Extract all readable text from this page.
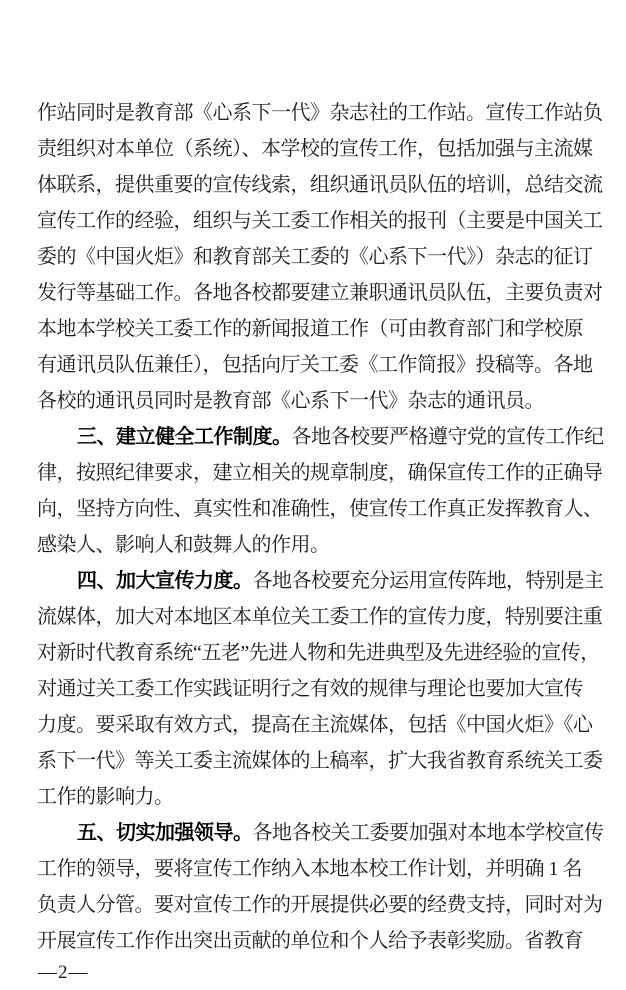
作站同时是教育部《心系下一代》杂志社的工作站。宣传工作站负
责组织对本单位（系统）、本学校的宣传工作，包括加强与主流媒
体联系，提供重要的宣传线索，组织通讯员队伍的培训，总结交流
宣传工作的经验，组织与关工委工作相关的报刊（主要是中国关工
委的《中国火炬》和教育部关工委的《心系下一代》）杂志的征订
发行等基础工作。各地各校都要建立兼职通讯员队伍，主要负责对
本地本学校关工委工作的新闻报道工作（可由教育部门和学校原
有通讯员队伍兼任），包括向厅关工委《工作简报》投稿等。各地
各校的通讯员同时是教育部《心系下一代》杂志的通讯员。
三、建立健全工作制度。各地各校要严格遵守党的宣传工作纪
律，按照纪律要求，建立相关的规章制度，确保宣传工作的正确导
向，坚持方向性、真实性和准确性，使宣传工作真正发挥教育人、
感染人、影响人和鼓舞人的作用。
四、加大宣传力度。各地各校要充分运用宣传阵地，特别是主
流媒体，加大对本地区本单位关工委工作的宣传力度，特别要注重
对新时代教育系统“五老”先进人物和先进典型及先进经验的宣传，
对通过关工委工作实践证明行之有效的规律与理论也要加大宣传
力度。要采取有效方式，提高在主流媒体，包括《中国火炬》《心
系下一代》等关工委主流媒体的上稿率，扩大我省教育系统关工委
工作的影响力。
五、切实加强领导。各地各校关工委要加强对本地本学校宣传
工作的领导，要将宣传工作纳入本地本校工作计划，并明确 1 名
负责人分管。要对宣传工作的开展提供必要的经费支持，同时对为
开展宣传工作作出突出贡献的单位和个人给予表彰奖励。省教育
—2—
